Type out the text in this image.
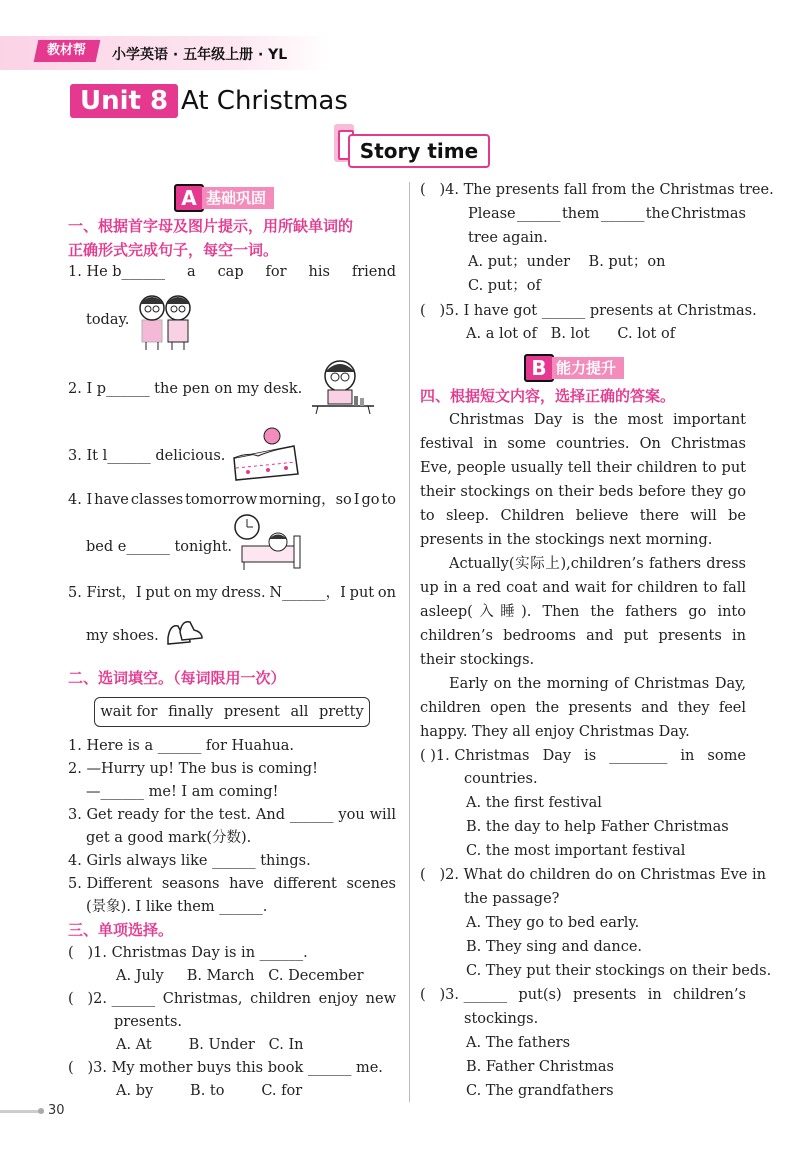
教材帮	小学英语 · 五年级上册 · YL
Unit 8 At Christmas
Story time
A 基础巩固
一、根据首字母及图片提示，用所缺单词的
正确形式完成句子，每空一词。
1. He b______ a cap for his friend
today.
2. I p______ the pen on my desk.
3. It l______ delicious.
4. I have classes tomorrow morning，so I go to
bed e______ tonight.
5. First，I put on my dress. N______，I put on
my shoes.
二、选词填空。（每词限用一次）
wait for finally present all pretty
1. Here is a ______ for Huahua.
2. —Hurry up! The bus is coming!
—______ me! I am coming!
3. Get ready for the test. And ______ you will
get a good mark(分数).
4. Girls always like ______ things.
5. Different seasons have different scenes
(景象). I like them ______.
三、单项选择。
(   )1. Christmas Day is in ______.
A. July     B. March   C. December
(   )2. ______ Christmas, children enjoy new
presents.
A. At        B. Under   C. In
(   )3. My mother buys this book ______ me.
A. by        B. to        C. for
(   )4. The presents fall from the Christmas tree.
Please ______ them ______ the Christmas
tree again.
A. put；under    B. put；on
C. put；of
(   )5. I have got ______ presents at Christmas.
A. a lot of   B. lot      C. lot of
B 能力提升
四、根据短文内容，选择正确的答案。
Christmas Day is the most important festival in some countries. On Christmas Eve, people usually tell their children to put their stockings on their beds before they go to sleep. Children believe there will be presents in the stockings next morning.
Actually(实际上),children’s fathers dress up in a red coat and wait for children to fall asleep(入睡). Then the fathers go into children’s bedrooms and put presents in their stockings.
Early on the morning of Christmas Day, children open the presents and they feel happy. They all enjoy Christmas Day.
( )1. Christmas Day is ________ in some
countries.
A. the first festival
B. the day to help Father Christmas
C. the most important festival
(   )2. What do children do on Christmas Eve in
the passage?
A. They go to bed early.
B. They sing and dance.
C. They put their stockings on their beds.
(   )3. ______ put(s) presents in children’s
stockings.
A. The fathers
B. Father Christmas
C. The grandfathers
30
